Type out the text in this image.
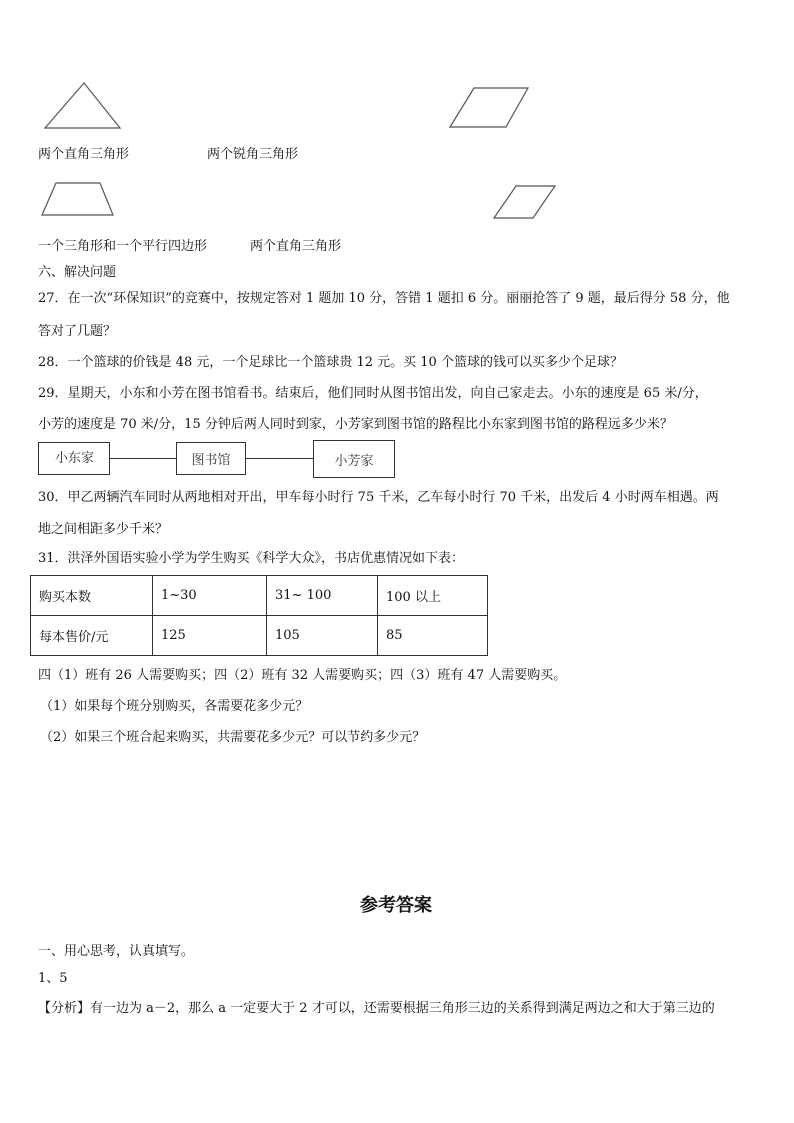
两个直角三角形	两个锐角三角形
一个三角形和一个平行四边形	两个直角三角形
六、解决问题
27．在一次“环保知识”的竞赛中，按规定答对 1 题加 10 分，答错 1 题扣 6 分。丽丽抢答了 9 题，最后得分 58 分，他
答对了几题？
28．一个篮球的价钱是 48 元，一个足球比一个篮球贵 12 元。买 10 个篮球的钱可以买多少个足球？
29．星期天，小东和小芳在图书馆看书。结束后，他们同时从图书馆出发，向自己家走去。小东的速度是 65 米/分，
小芳的速度是 70 米/分，15 分钟后两人同时到家，小芳家到图书馆的路程比小东家到图书馆的路程远多少米？
小东家	图书馆	小芳家
30．甲乙两辆汽车同时从两地相对开出，甲车每小时行 75 千米，乙车每小时行 70 千米，出发后 4 小时两车相遇。两
地之间相距多少千米？
31．洪泽外国语实验小学为学生购买《科学大众》，书店优惠情况如下表：
购买本数	1~30	31~ 100	100 以上
每本售价/元	125	105	85
四（1）班有 26 人需要购买；四（2）班有 32 人需要购买；四（3）班有 47 人需要购买。
（1）如果每个班分别购买，各需要花多少元？
（2）如果三个班合起来购买，共需要花多少元？可以节约多少元？
参考答案
一、用心思考，认真填写。
1、5
【分析】有一边为 a－2，那么 a 一定要大于 2 才可以，还需要根据三角形三边的关系得到满足两边之和大于第三边的
